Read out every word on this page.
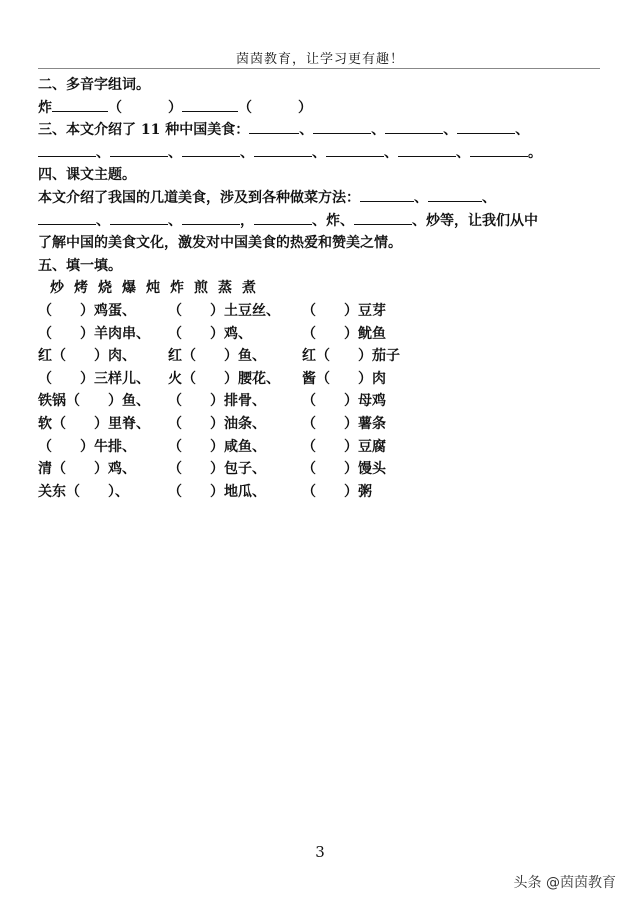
茵茵教育，让学习更有趣！
二、多音字组词。
炸	（	）	（	）
三、本文介绍了 11 种中国美食：	、	、	、	、
、	、	、	、	、	、	。
四、课文主题。
本文介绍了我国的几道美食，涉及到各种做菜方法：	、	、
、	、	，	、炸、	、炒等，让我们从中
了解中国的美食文化，激发对中国美食的热爱和赞美之情。
五、填一填。
炒烤烧爆炖炸煎蒸煮
（　　）鸡蛋、	（　　）土豆丝、	（　　）豆芽
（　　）羊肉串、	（　　）鸡、	（　　）鱿鱼
红（　　）肉、	红（　　）鱼、	红（　　）茄子
（　　）三样儿、	火（　　）腰花、	酱（　　）肉
铁锅（　　）鱼、	（　　）排骨、	（　　）母鸡
软（　　）里脊、	（　　）油条、	（　　）薯条
（　　）牛排、	（　　）咸鱼、	（　　）豆腐
清（　　）鸡、	（　　）包子、	（　　）馒头
关东（　　）、	（　　）地瓜、	（　　）粥
3
头条 @茵茵教育
